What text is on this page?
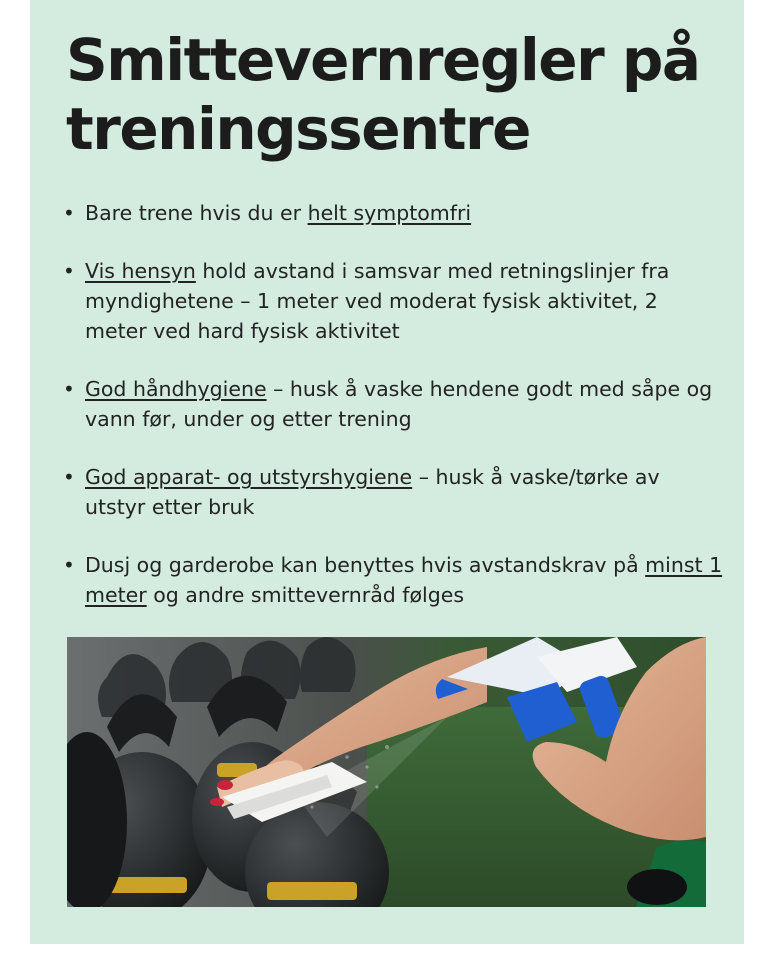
Smittevernregler på treningssentre
• Bare trene hvis du er helt symptomfri
• Vis hensyn hold avstand i samsvar med retningslinjer fra myndighetene – 1 meter ved moderat fysisk aktivitet, 2 meter ved hard fysisk aktivitet
• God håndhygiene – husk å vaske hendene godt med såpe og vann før, under og etter trening
• God apparat- og utstyrshygiene – husk å vaske/tørke av utstyr etter bruk
• Dusj og garderobe kan benyttes hvis avstandskrav på minst 1 meter og andre smittevernråd følges
